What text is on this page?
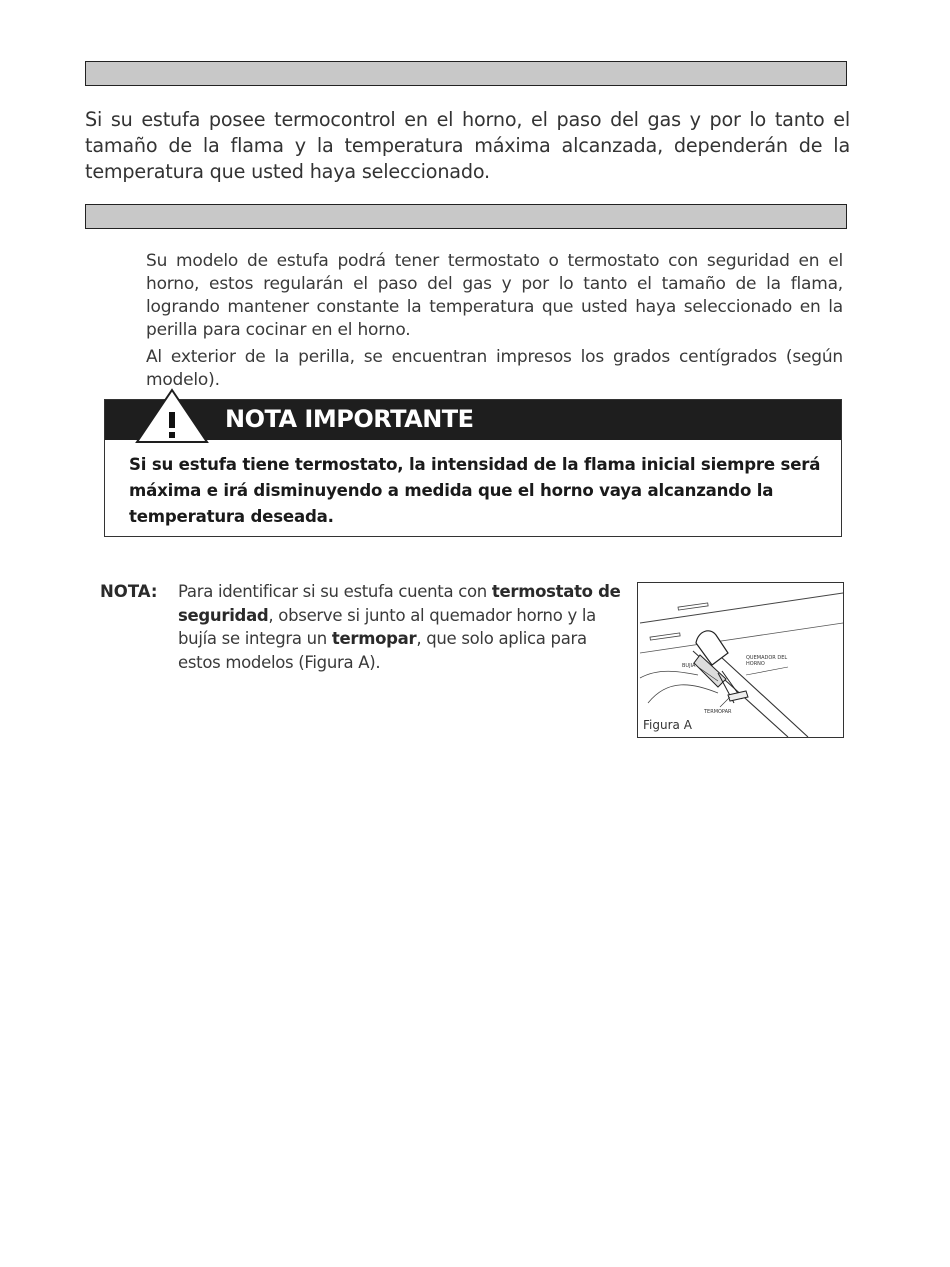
Si su estufa posee termocontrol en el horno, el paso del gas y por lo tanto el tamaño de la flama y la temperatura máxima alcanzada, dependerán de la temperatura que usted haya seleccionado.
Su modelo de estufa podrá tener termostato o termostato con seguridad en el horno, estos regularán el paso del gas y por lo tanto el tamaño de la flama, logrando mantener constante la temperatura que usted haya seleccionado en la perilla para cocinar en el horno.
Al exterior de la perilla, se encuentran impresos los grados centígrados (según modelo).
NOTA IMPORTANTE
Si su estufa tiene termostato, la intensidad de la flama inicial siempre será máxima e irá disminuyendo a medida que el horno vaya alcanzando la temperatura deseada.
NOTA: Para identificar si su estufa cuenta con termostato de seguridad, observe si junto al quemador horno y la bujía se integra un termopar, que solo aplica para estos modelos (Figura A).	QUEMADOR DEL HORNO
BUJIA
TERMOPAR
Figura A
